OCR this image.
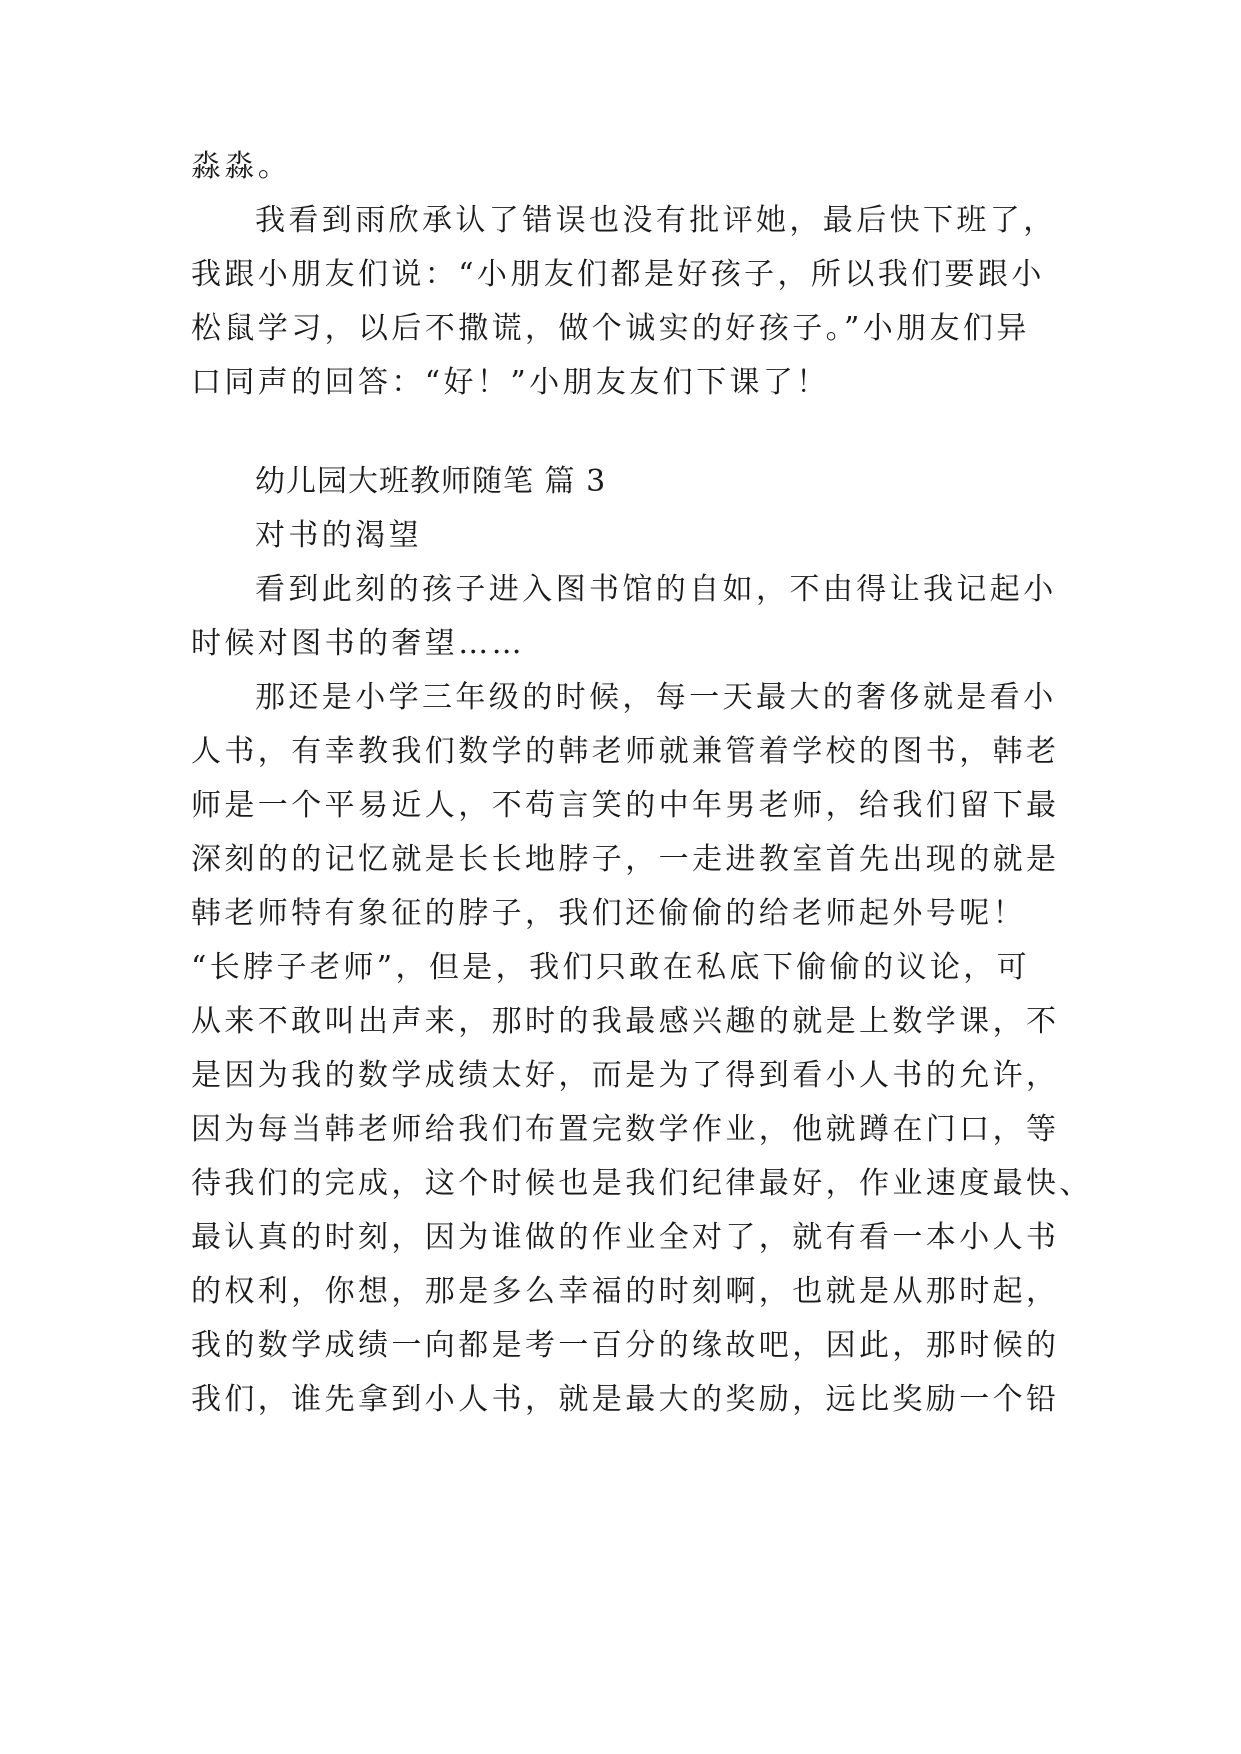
淼淼。
我看到雨欣承认了错误也没有批评她，最后快下班了，
我跟小朋友们说：“小朋友们都是好孩子，所以我们要跟小
松鼠学习，以后不撒谎，做个诚实的好孩子。”小朋友们异
口同声的回答：“好！”小朋友友们下课了！
幼儿园大班教师随笔 篇 3
对书的渴望
看到此刻的孩子进入图书馆的自如，不由得让我记起小
时候对图书的奢望……
那还是小学三年级的时候，每一天最大的奢侈就是看小
人书，有幸教我们数学的韩老师就兼管着学校的图书，韩老
师是一个平易近人，不苟言笑的中年男老师，给我们留下最
深刻的的记忆就是长长地脖子，一走进教室首先出现的就是
韩老师特有象征的脖子，我们还偷偷的给老师起外号呢！
“长脖子老师”，但是，我们只敢在私底下偷偷的议论，可
从来不敢叫出声来，那时的我最感兴趣的就是上数学课，不
是因为我的数学成绩太好，而是为了得到看小人书的允许，
因为每当韩老师给我们布置完数学作业，他就蹲在门口，等
待我们的完成，这个时候也是我们纪律最好，作业速度最快、
最认真的时刻，因为谁做的作业全对了，就有看一本小人书
的权利，你想，那是多么幸福的时刻啊，也就是从那时起，
我的数学成绩一向都是考一百分的缘故吧，因此，那时候的
我们，谁先拿到小人书，就是最大的奖励，远比奖励一个铅
